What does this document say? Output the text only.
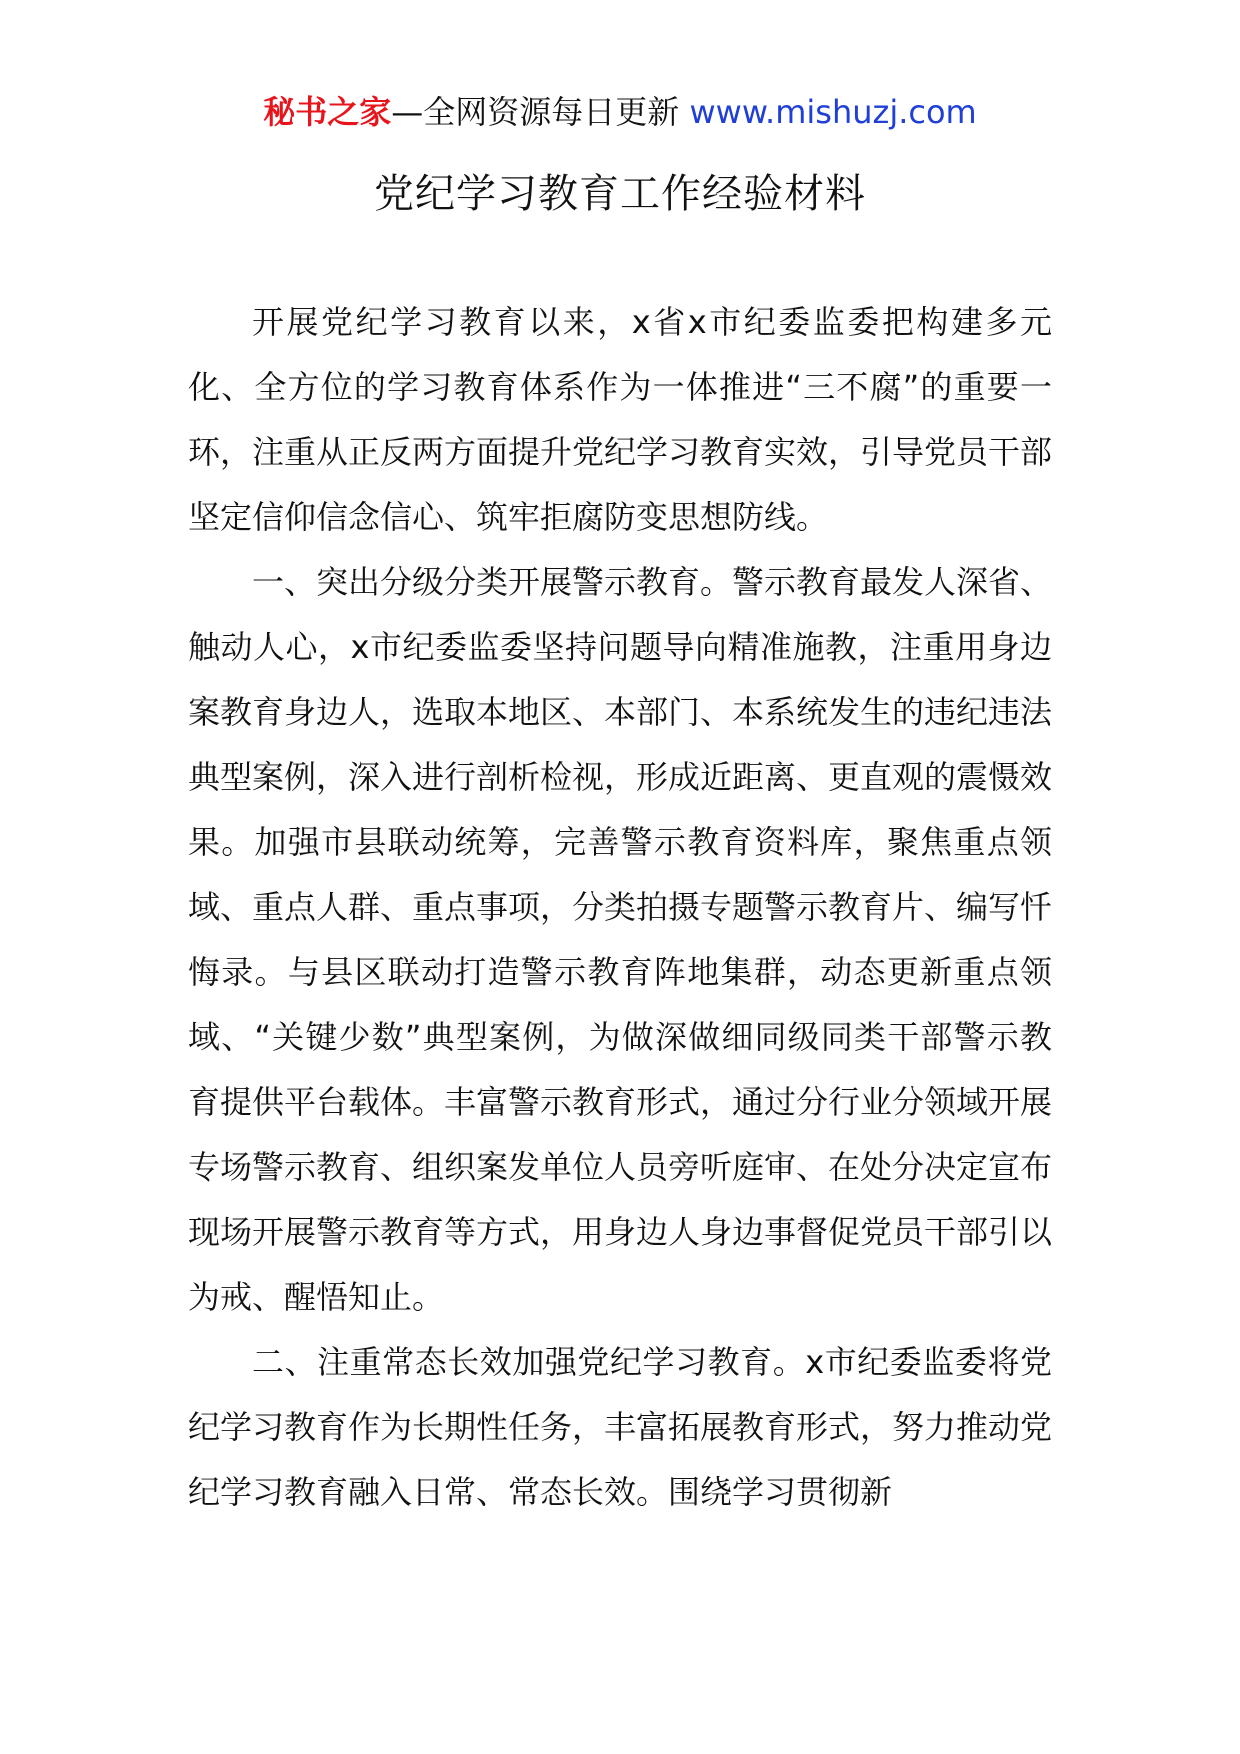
秘书之家—全网资源每日更新 www.mishuzj.com
党纪学习教育工作经验材料

开展党纪学习教育以来，x省x市纪委监委把构建多元化、全方位的学习教育体系作为一体推进“三不腐”的重要一环，注重从正反两方面提升党纪学习教育实效，引导党员干部坚定信仰信念信心、筑牢拒腐防变思想防线。

一、突出分级分类开展警示教育。警示教育最发人深省、触动人心，x市纪委监委坚持问题导向精准施教，注重用身边案教育身边人，选取本地区、本部门、本系统发生的违纪违法典型案例，深入进行剖析检视，形成近距离、更直观的震慑效果。加强市县联动统筹，完善警示教育资料库，聚焦重点领域、重点人群、重点事项，分类拍摄专题警示教育片、编写忏悔录。与县区联动打造警示教育阵地集群，动态更新重点领域、“关键少数”典型案例，为做深做细同级同类干部警示教育提供平台载体。丰富警示教育形式，通过分行业分领域开展专场警示教育、组织案发单位人员旁听庭审、在处分决定宣布现场开展警示教育等方式，用身边人身边事督促党员干部引以为戒、醒悟知止。

二、注重常态长效加强党纪学习教育。x市纪委监委将党纪学习教育作为长期性任务，丰富拓展教育形式，努力推动党纪学习教育融入日常、常态长效。围绕学习贯彻新
